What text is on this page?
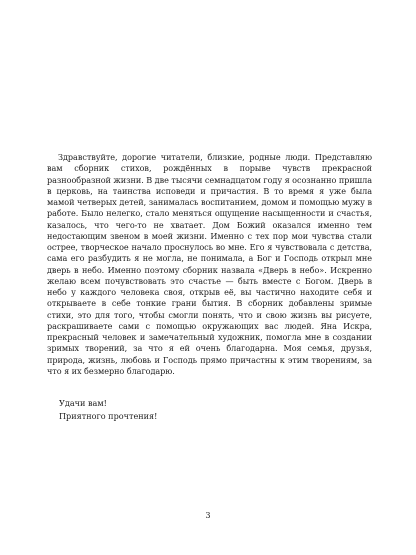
Здравствуйте, дорогие читатели, близкие, родные люди. Представляю вам сборник стихов, рождённых в порыве чувств прекрасной разнообразной жизни. В две тысячи семнадцатом году я осознанно пришла в церковь, на таинства исповеди и причастия. В то время я уже была мамой четверых детей, занималась воспитанием, домом и помощью мужу в работе. Было нелегко, стало меняться ощущение насыщенности и счастья, казалось, что чего-то не хватает. Дом Божий оказался именно тем недостающим звеном в моей жизни. Именно с тех пор мои чувства стали острее, творческое начало проснулось во мне. Его я чувствовала с детства, сама его разбудить я не могла, не понимала, а Бог и Господь открыл мне дверь в небо. Именно поэтому сборник назвала «Дверь в небо». Искренно желаю всем почувствовать это счастье — быть вместе с Богом. Дверь в небо у каждого человека своя, открыв её, вы частично находите себя и открываете в себе тонкие грани бытия. В сборник добавлены зримые стихи, это для того, чтобы смогли понять, что и свою жизнь вы рисуете, раскрашиваете сами с помощью окружающих вас людей. Яна Искра, прекрасный человек и замечательный художник, помогла мне в создании зримых творений, за что я ей очень благодарна. Моя семья, друзья, природа, жизнь, любовь и Господь прямо причастны к этим творениям, за что я их безмерно благодарю.

Удачи вам!
Приятного прочтения!
3
